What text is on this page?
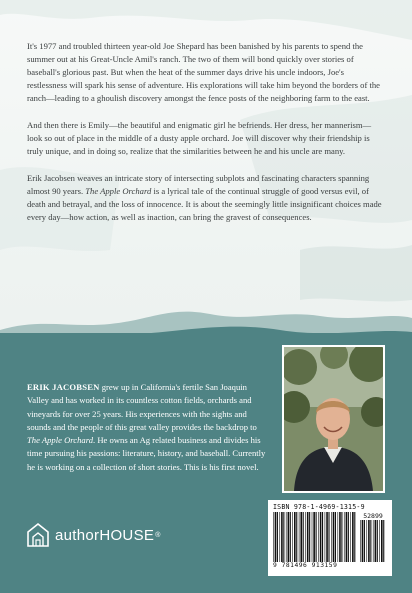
It's 1977 and troubled thirteen year-old Joe Shepard has been banished by his parents to spend the summer out at his Great-Uncle Amil's ranch. The two of them will bond quickly over stories of baseball's glorious past. But when the heat of the summer days drive his uncle indoors, Joe's restlessness will spark his sense of adventure. His explorations will take him beyond the borders of the ranch—leading to a ghoulish discovery amongst the fence posts of the neighboring farm to the east.

And then there is Emily—the beautiful and enigmatic girl he befriends. Her dress, her mannerism—look so out of place in the middle of a dusty apple orchard. Joe will discover why their friendship is truly unique, and in doing so, realize that the similarities between he and his uncle are many.

Erik Jacobsen weaves an intricate story of intersecting subplots and fascinating characters spanning almost 90 years. The Apple Orchard is a lyrical tale of the continual struggle of good versus evil, of death and betrayal, and the loss of innocence. It is about the seemingly little insignificant choices made every day—how action, as well as inaction, can bring the gravest of consequences.

ERIK JACOBSEN grew up in California's fertile San Joaquin Valley and has worked in its countless cotton fields, orchards and vineyards for over 25 years. His experiences with the sights and sounds and the people of this great valley provides the backdrop to The Apple Orchard. He owns an Ag related business and divides his time pursuing his passions: literature, history, and baseball. Currently he is working on a collection of short stories. This is his first novel.
authorHOUSE ®
ISBN 978-1-4969-1315-9
52899
9 781496 913159
